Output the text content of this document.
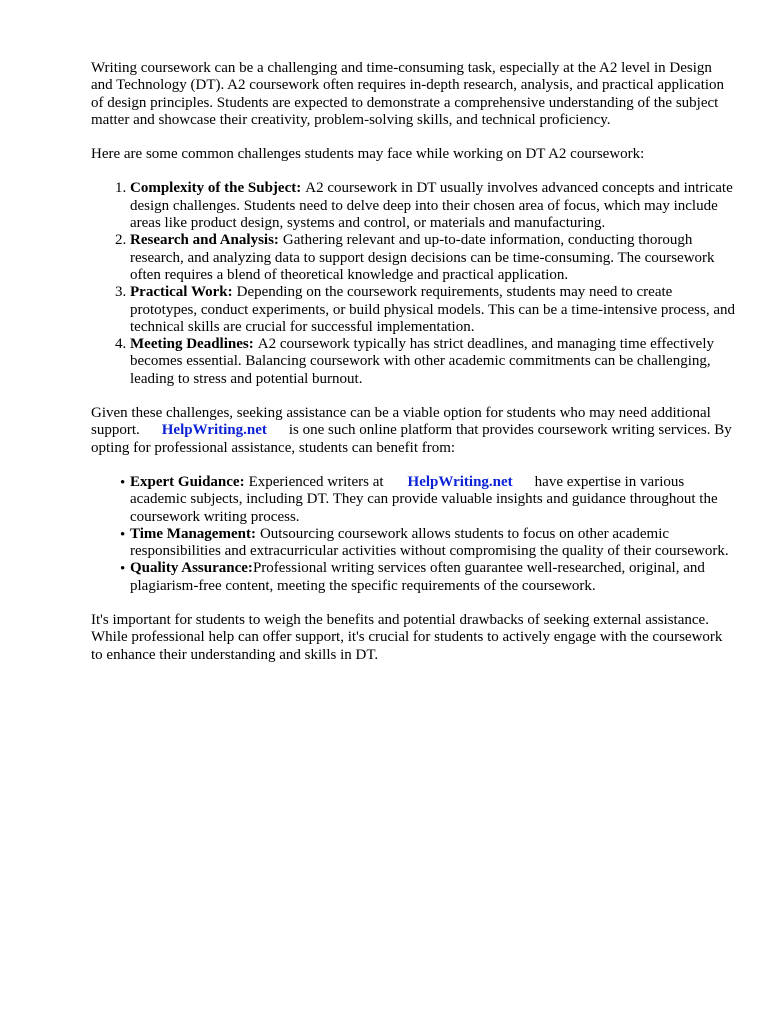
Writing coursework can be a challenging and time-consuming task, especially at the A2 level in Design and Technology (DT). A2 coursework often requires in-depth research, analysis, and practical application of design principles. Students are expected to demonstrate a comprehensive understanding of the subject matter and showcase their creativity, problem-solving skills, and technical proficiency.

Here are some common challenges students may face while working on DT A2 coursework:

1. Complexity of the Subject: A2 coursework in DT usually involves advanced concepts and intricate design challenges. Students need to delve deep into their chosen area of focus, which may include areas like product design, systems and control, or materials and manufacturing.
2. Research and Analysis: Gathering relevant and up-to-date information, conducting thorough research, and analyzing data to support design decisions can be time-consuming. The coursework often requires a blend of theoretical knowledge and practical application.
3. Practical Work: Depending on the coursework requirements, students may need to create prototypes, conduct experiments, or build physical models. This can be a time-intensive process, and technical skills are crucial for successful implementation.
4. Meeting Deadlines: A2 coursework typically has strict deadlines, and managing time effectively becomes essential. Balancing coursework with other academic commitments can be challenging, leading to stress and potential burnout.

Given these challenges, seeking assistance can be a viable option for students who may need additional support. HelpWriting.net is one such online platform that provides coursework writing services. By opting for professional assistance, students can benefit from:

• Expert Guidance: Experienced writers at HelpWriting.net have expertise in various academic subjects, including DT. They can provide valuable insights and guidance throughout the coursework writing process.
• Time Management: Outsourcing coursework allows students to focus on other academic responsibilities and extracurricular activities without compromising the quality of their coursework.
• Quality Assurance:Professional writing services often guarantee well-researched, original, and plagiarism-free content, meeting the specific requirements of the coursework.

It's important for students to weigh the benefits and potential drawbacks of seeking external assistance. While professional help can offer support, it's crucial for students to actively engage with the coursework to enhance their understanding and skills in DT.
